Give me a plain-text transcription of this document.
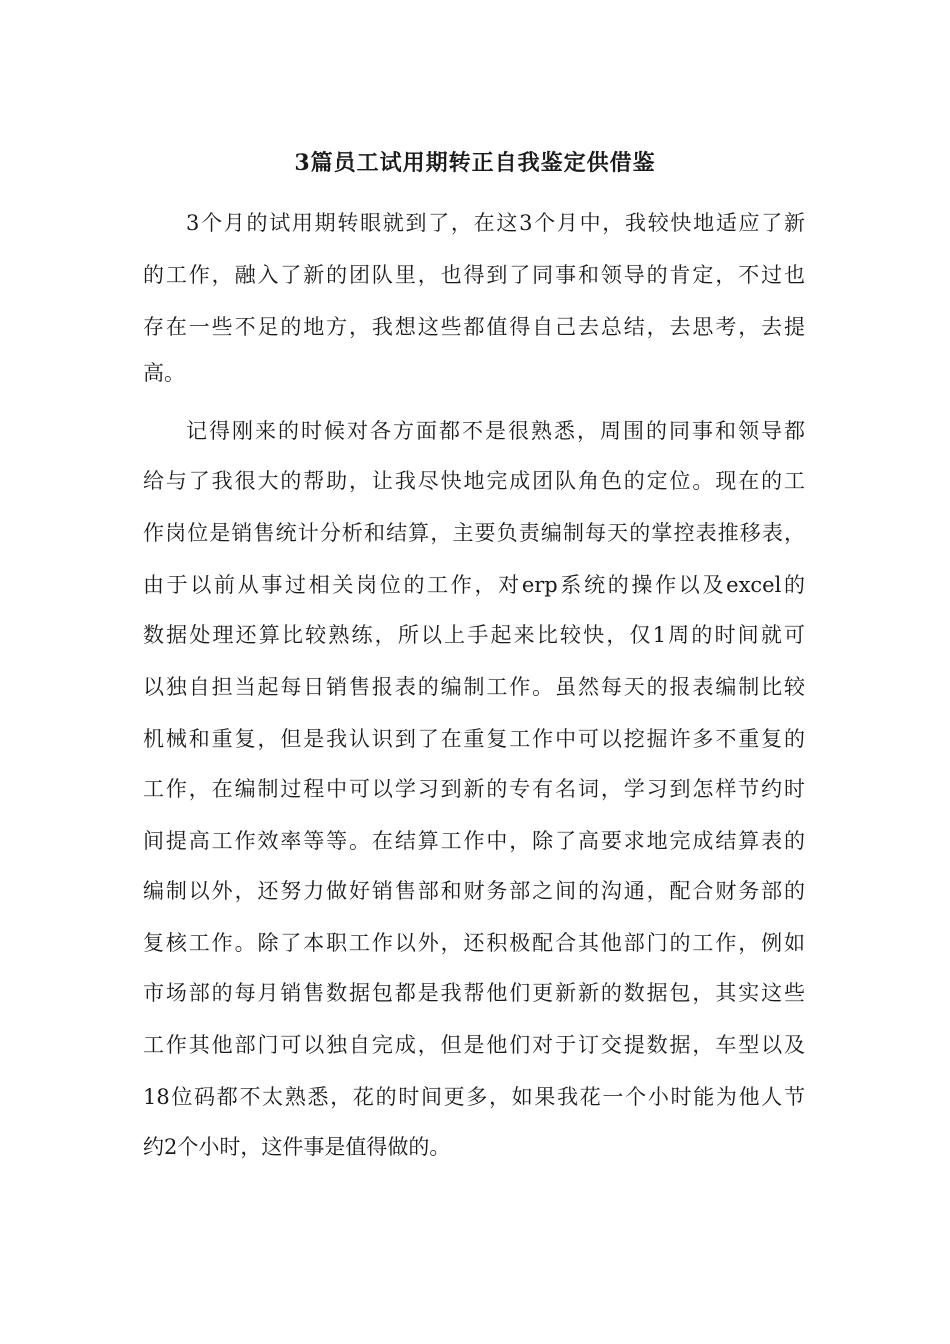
3篇员工试用期转正自我鉴定供借鉴
3个月的试用期转眼就到了，在这3个月中，我较快地适应了新
的工作，融入了新的团队里，也得到了同事和领导的肯定，不过也
存在一些不足的地方，我想这些都值得自己去总结，去思考，去提
高。
记得刚来的时候对各方面都不是很熟悉，周围的同事和领导都
给与了我很大的帮助，让我尽快地完成团队角色的定位。现在的工
作岗位是销售统计分析和结算，主要负责编制每天的掌控表推移表，
由于以前从事过相关岗位的工作，对erp系统的操作以及excel的
数据处理还算比较熟练，所以上手起来比较快，仅1周的时间就可
以独自担当起每日销售报表的编制工作。虽然每天的报表编制比较
机械和重复，但是我认识到了在重复工作中可以挖掘许多不重复的
工作，在编制过程中可以学习到新的专有名词，学习到怎样节约时
间提高工作效率等等。在结算工作中，除了高要求地完成结算表的
编制以外，还努力做好销售部和财务部之间的沟通，配合财务部的
复核工作。除了本职工作以外，还积极配合其他部门的工作，例如
市场部的每月销售数据包都是我帮他们更新新的数据包，其实这些
工作其他部门可以独自完成，但是他们对于订交提数据，车型以及
18位码都不太熟悉，花的时间更多，如果我花一个小时能为他人节
约2个小时，这件事是值得做的。
